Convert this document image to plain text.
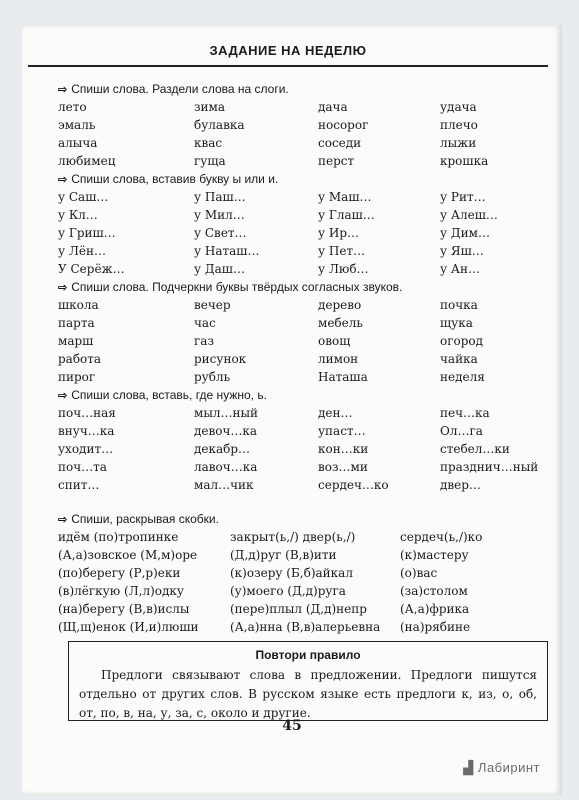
ЗАДАНИЕ НА НЕДЕЛЮ
⇨ Спиши слова. Раздели слова на слоги.
лето	зима	дача	удача
эмаль	булавка	носорог	плечо
алыча	квас	соседи	лыжи
любимец	гуща	перст	крошка
⇨ Спиши слова, вставив букву ы или и.
у Саш…	у Паш…	у Маш…	у Рит…
у Кл…	у Мил…	у Глаш…	у Алеш…
у Гриш…	у Свет…	у Ир…	у Дим…
у Лён…	у Наташ…	у Пет…	у Яш…
У Серёж…	у Даш…	у Люб…	у Ан…
⇨ Спиши слова. Подчеркни буквы твёрдых согласных звуков.
школа	вечер	дерево	почка
парта	час	мебель	щука
марш	газ	овощ	огород
работа	рисунок	лимон	чайка
пирог	рубль	Наташа	неделя
⇨ Спиши слова, вставь, где нужно, ь.
поч…ная	мыл…ный	ден…	печ…ка
внуч…ка	девоч…ка	упаст…	Ол…га
уходит…	декабр…	кон…ки	стебел…ки
поч…та	лавоч…ка	воз…ми	празднич…ный
спит…	мал…чик	сердеч…ко	двер…
⇨ Спиши, раскрывая скобки.
идём (по)тропинке	закрыт(ь,/) двер(ь,/)	сердеч(ь,/)ко
(А,а)зовское (М,м)оре	(Д,д)руг (В,в)ити	(к)мастеру
(по)берегу (Р,р)еки	(к)озеру (Б,б)айкал	(о)вас
(в)лёгкую (Л,л)одку	(у)моего (Д,д)руга	(за)столом
(на)берегу (В,в)ислы	(пере)плыл (Д,д)непр	(А,а)фрика
(Щ,щ)енок (И,и)люши	(А,а)нна (В,в)алерьевна	(на)рябине
Повтори правило
Предлоги связывают слова в предложении. Предлоги пишутся отдельно от других слов. В русском языке есть предлоги к, из, о, об, от, по, в, на, у, за, с, около и другие.
45
▟ Лабиринт
